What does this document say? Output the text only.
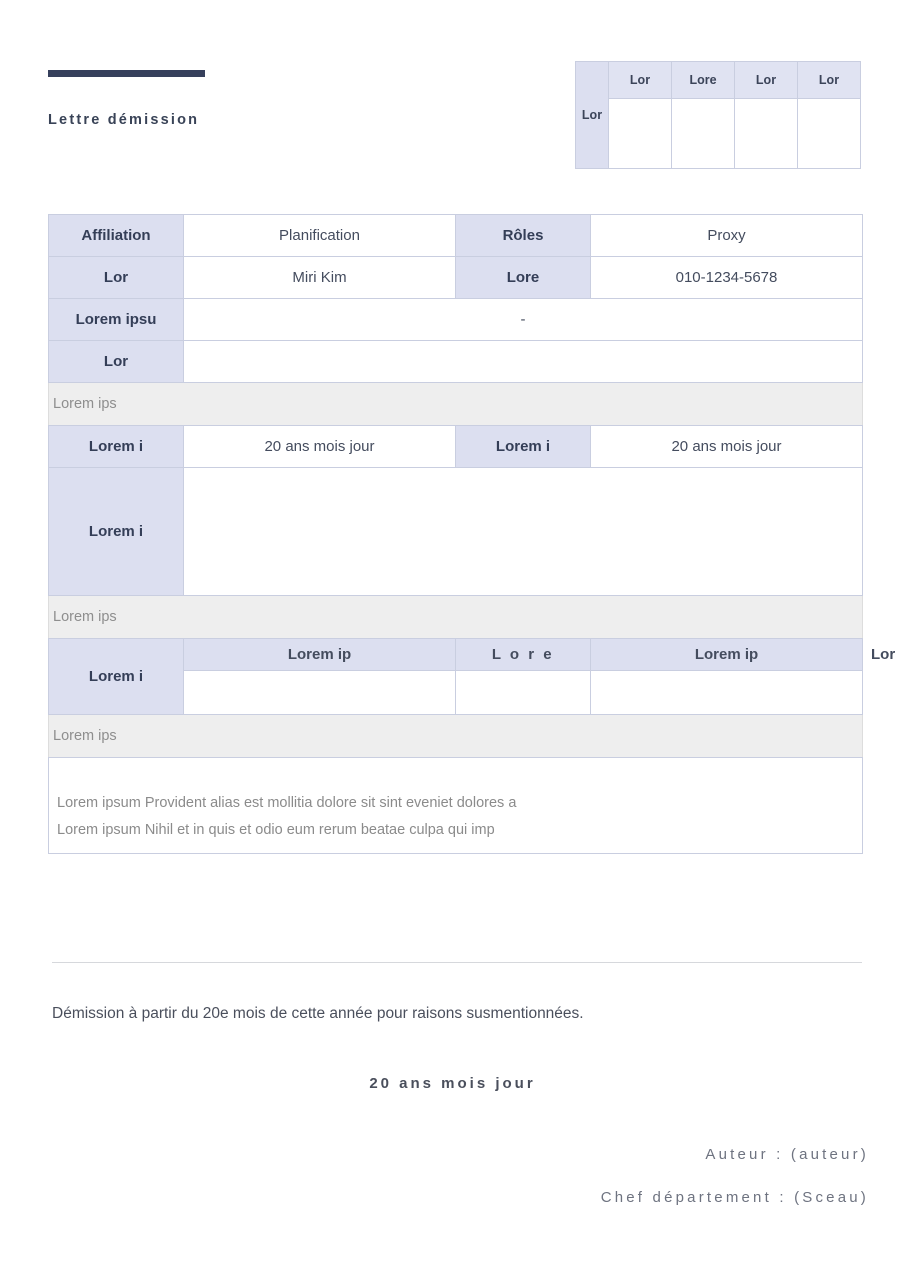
Lettre démission	Lor	Lor	Lore	Lor	Lor

Affiliation	Planification	Rôles	Proxy	
Lor	Miri Kim	Lore	010-1234-5678	
Lorem ipsu	-			
Lor				
Lorem ips				
Lorem i	20 ans mois jour	Lorem i	20 ans mois jour	
Lorem i				
Lorem ips				
Lorem i	Lorem ip	L o r e	Lorem ip	Lor

Lorem ips				

Lorem ipsum Provident alias est mollitia dolore sit sint eveniet dolores a
Lorem ipsum Nihil et in quis et odio eum rerum beatae culpa qui imp				
Démission à partir du 20e mois de cette année pour raisons susmentionnées.
20 ans mois jour
Auteur : (auteur)
Chef département : (Sceau)
